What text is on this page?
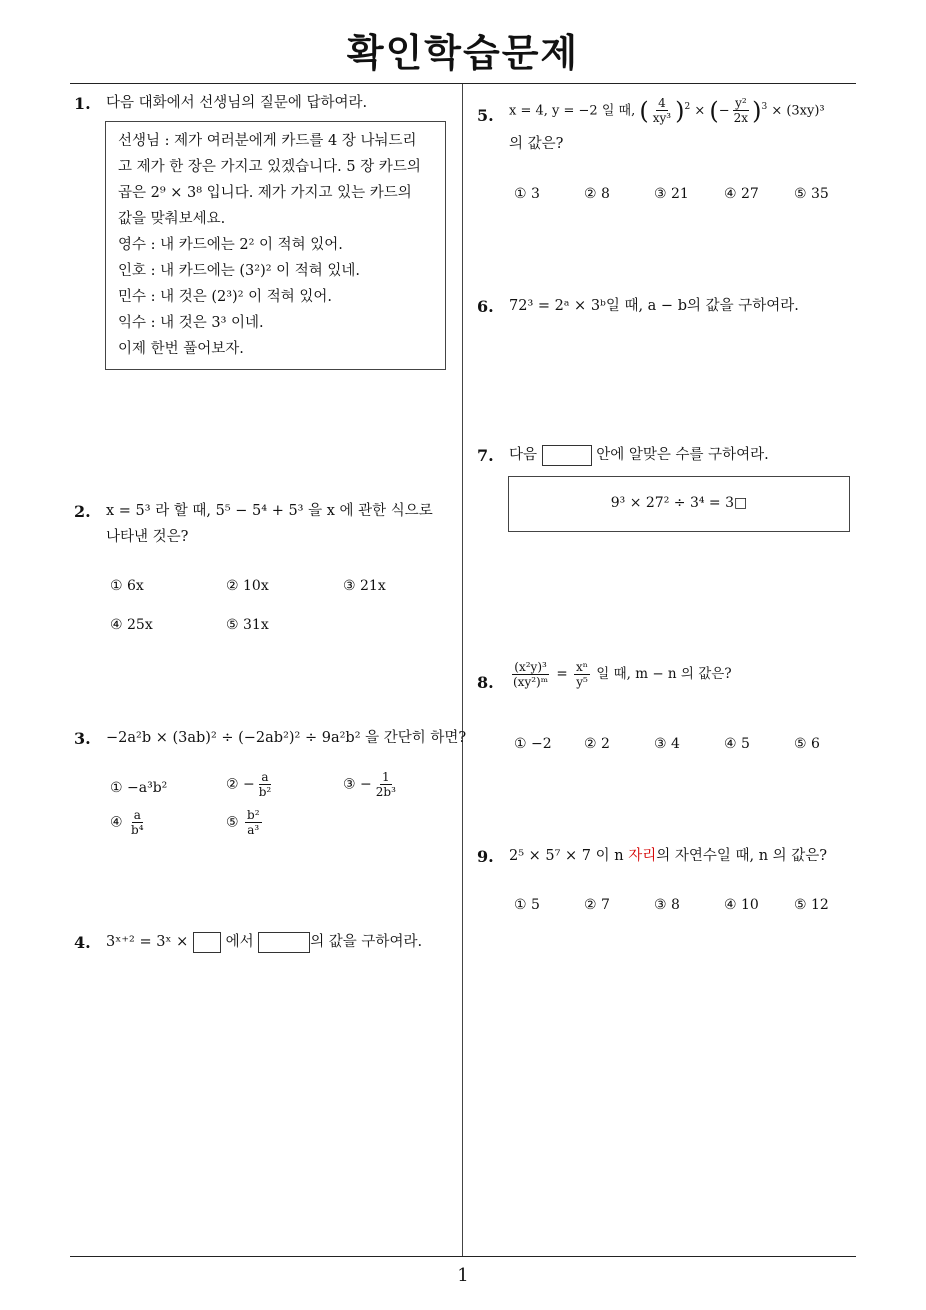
확인학습문제
1
1. 다음 대화에서 선생님의 질문에 답하여라.
선생님 : 제가 여러분에게 카드를 4 장 나눠드리
고 제가 한 장은 가지고 있겠습니다. 5 장 카드의
곱은 2⁹ × 3⁸ 입니다. 제가 가지고 있는 카드의
값을 맞춰보세요.
영수 : 내 카드에는 2² 이 적혀 있어.
인호 : 내 카드에는 (3²)² 이 적혀 있네.
민수 : 내 것은 (2³)² 이 적혀 있어.
익수 : 내 것은 3³ 이네.
이제 한번 풀어보자.
2. x = 5³ 라 할 때, 5⁵ − 5⁴ + 5³ 을 x 에 관한 식으로
나타낸 것은?
① 6x	② 10x	③ 21x
④ 25x	⑤ 31x
3. −2a²b × (3ab)² ÷ (−2ab²)² ÷ 9a²b² 을 간단히 하면?
① −a³b²	② − $\frac{a}{\text{b²}}$	③ − $\frac{1}{\text{2b³}}$
④ $\frac{a}{\text{b⁴}}$	⑤ $\frac{\text{b²}}{\text{a³}}$
4. 3ˣ⁺² = 3ˣ ×	에서	의 값을 구하여라.
5. x = 4, y = −2 일 때, ( $\frac{4}{\text{xy³}} )^2$ × (− $\frac{\text{y²}}{2x} )^3 \times (3xy)^3$
의 값은?
① 3	② 8	③ 21	④ 27	⑤ 35
6. 72³ = 2ᵃ × 3ᵇ일 때, a − b의 값을 구하여라.
7. 다음	안에 알맞은 수를 구하여라.
9³ × 27² ÷ 3⁴ = 3□
8. $\frac{\text{(x²y)³}}{\text{(xy²)ᵐ}} = \frac{\text{xⁿ}}{\text{y⁵}}$ 일 때, m − n 의 값은?
① −2 ② 2	③ 4	④ 5	⑤ 6
9. 2⁵ × 5⁷ × 7 이 n 자리의 자연수일 때, n 의 값은?
① 5	② 7	③ 8	④ 10	⑤ 12
